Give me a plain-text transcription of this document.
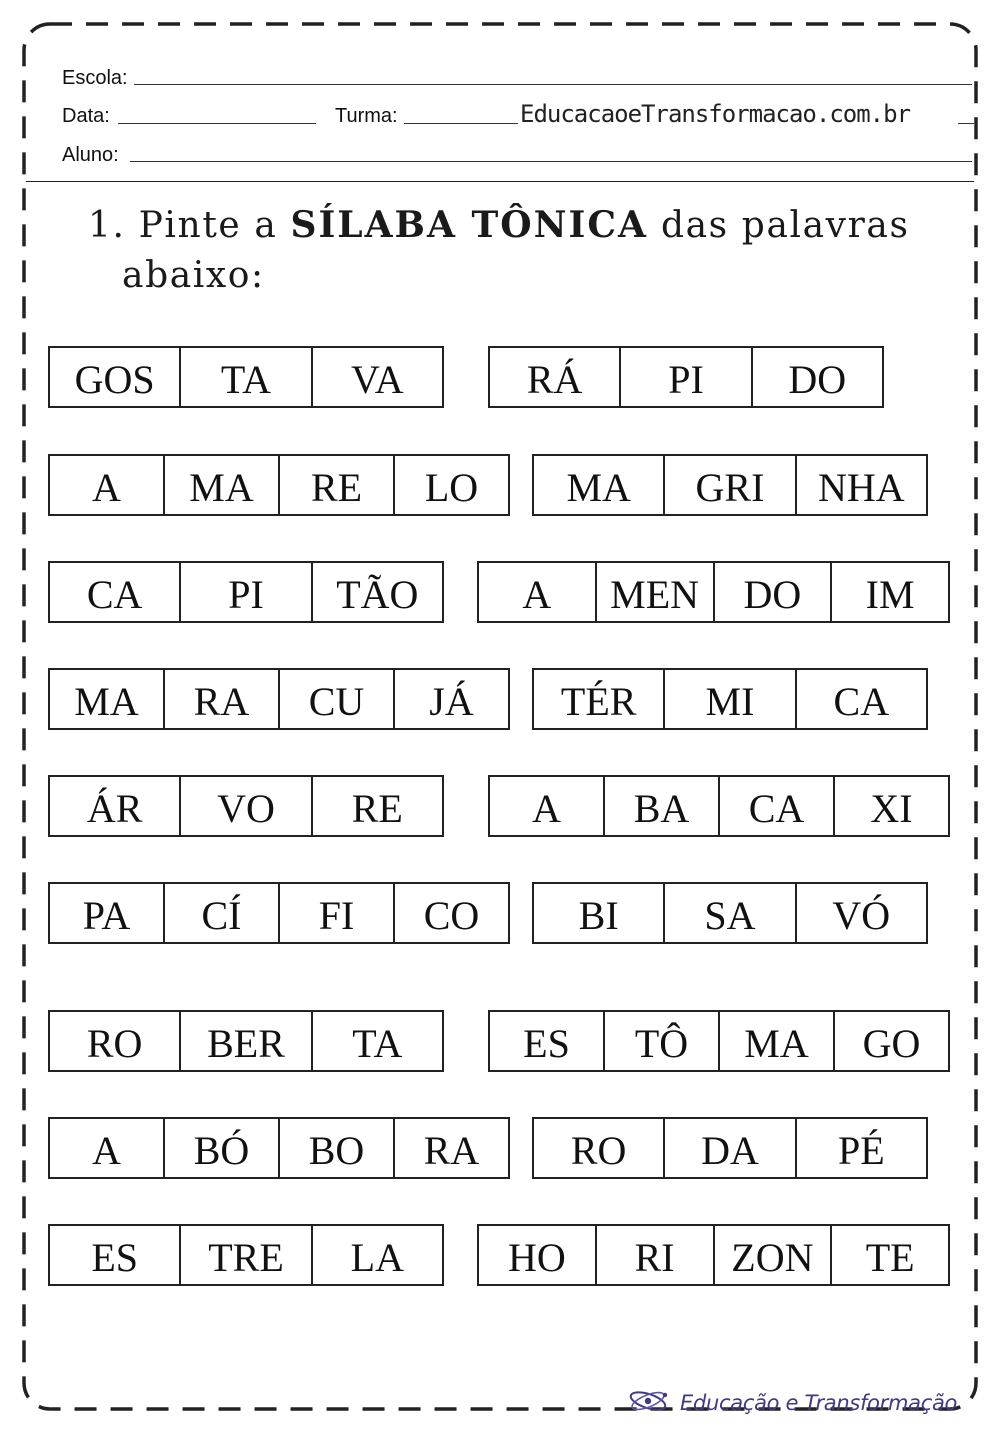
Escola:
Data:	Turma:	EducacaoeTransformacao.com.br
Aluno:
1. Pinte a SÍLABA TÔNICA das palavras
abaixo:
GOS	TA	VA	RÁ	PI	DO
A	MA	RE	LO	MA	GRI	NHA
CA	PI	TÃO	A	MEN	DO	IM
MA	RA	CU	JÁ	TÉR	MI	CA
ÁR	VO	RE	A	BA	CA	XI
PA	CÍ	FI	CO	BI	SA	VÓ
RO	BER	TA	ES	TÔ	MA	GO
A	BÓ	BO	RA	RO	DA	PÉ
ES	TRE	LA	HO	RI	ZON	TE
Educação e Transformação
